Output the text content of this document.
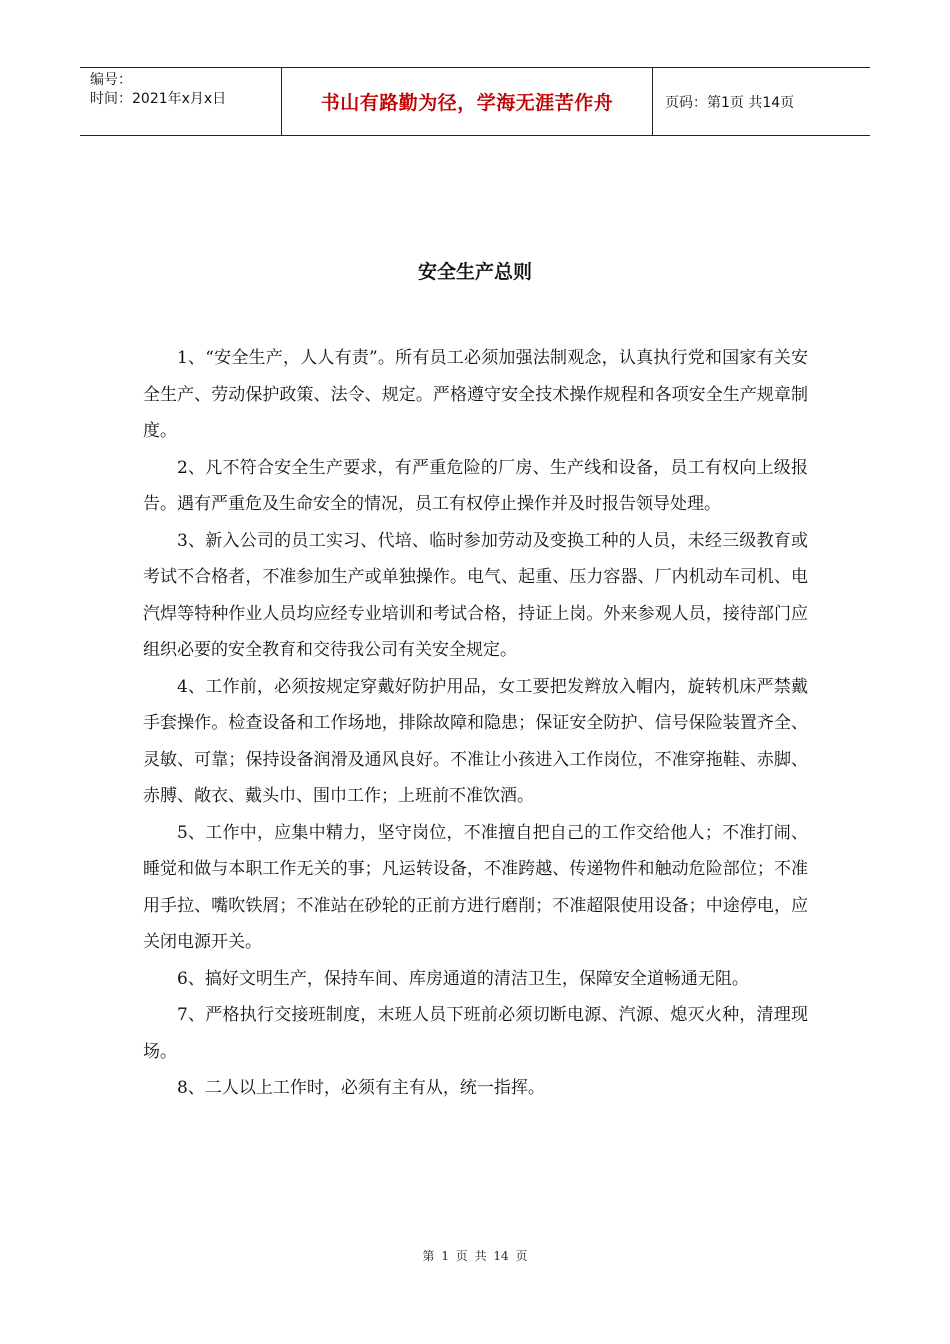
编号：
时间：2021年x月x日	书山有路勤为径，学海无涯苦作舟	页码：第1页 共14页
安全生产总则

1、“安全生产，人人有责”。所有员工必须加强法制观念，认真执行党和国家有关安全生产、劳动保护政策、法令、规定。严格遵守安全技术操作规程和各项安全生产规章制度。

2、凡不符合安全生产要求，有严重危险的厂房、生产线和设备，员工有权向上级报告。遇有严重危及生命安全的情况，员工有权停止操作并及时报告领导处理。

3、新入公司的员工实习、代培、临时参加劳动及变换工种的人员，未经三级教育或考试不合格者，不准参加生产或单独操作。电气、起重、压力容器、厂内机动车司机、电汽焊等特种作业人员均应经专业培训和考试合格，持证上岗。外来参观人员，接待部门应组织必要的安全教育和交待我公司有关安全规定。

4、工作前，必须按规定穿戴好防护用品，女工要把发辫放入帽内，旋转机床严禁戴手套操作。检查设备和工作场地，排除故障和隐患；保证安全防护、信号保险装置齐全、灵敏、可靠；保持设备润滑及通风良好。不准让小孩进入工作岗位，不准穿拖鞋、赤脚、赤膊、敞衣、戴头巾、围巾工作；上班前不准饮酒。

5、工作中，应集中精力，坚守岗位，不准擅自把自己的工作交给他人；不准打闹、睡觉和做与本职工作无关的事；凡运转设备，不准跨越、传递物件和触动危险部位；不准用手拉、嘴吹铁屑；不准站在砂轮的正前方进行磨削；不准超限使用设备；中途停电，应关闭电源开关。

6、搞好文明生产，保持车间、库房通道的清洁卫生，保障安全道畅通无阻。

7、严格执行交接班制度，末班人员下班前必须切断电源、汽源、熄灭火种，清理现场。

8、二人以上工作时，必须有主有从，统一指挥。

第 1 页 共 14 页
